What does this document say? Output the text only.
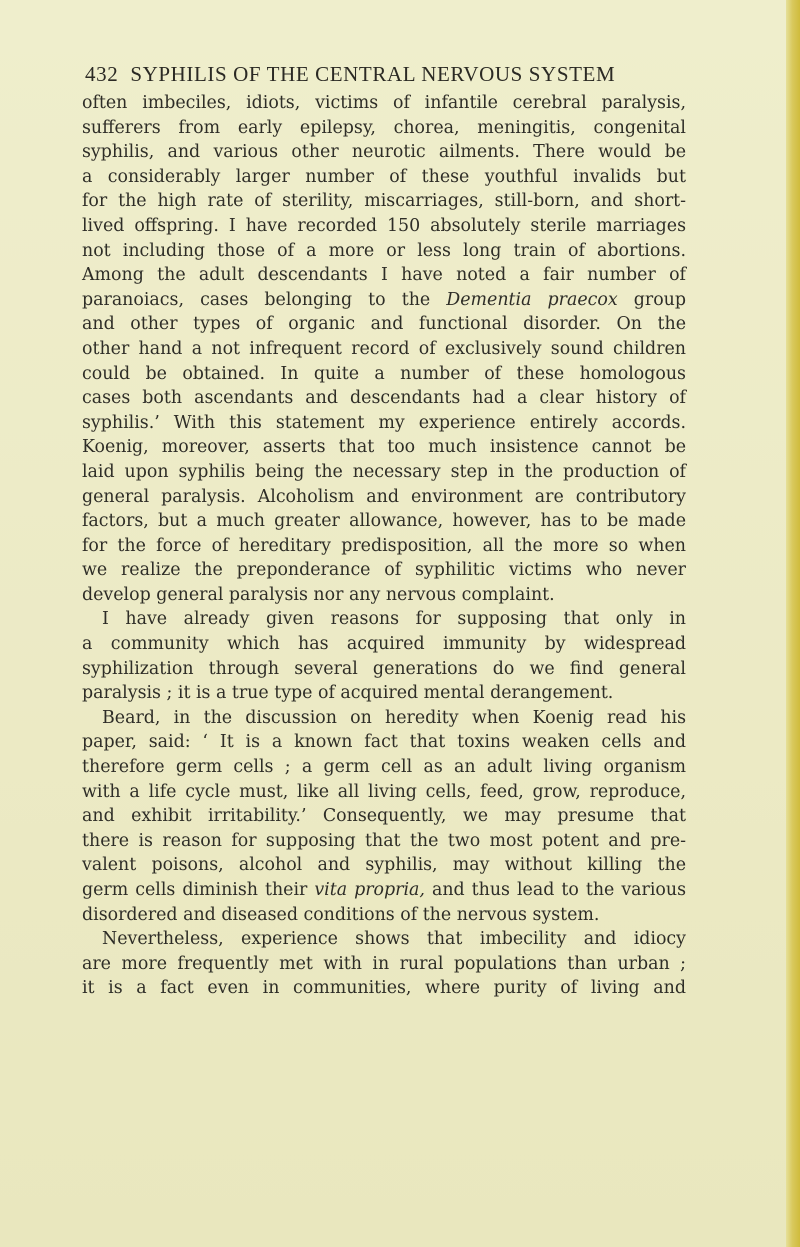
432 SYPHILIS OF THE CENTRAL NERVOUS SYSTEM

often imbeciles, idiots, victims of infantile cerebral paralysis,

sufferers from early epilepsy, chorea, meningitis, congenital

syphilis, and various other neurotic ailments. There would be

a considerably larger number of these youthful invalids but

for the high rate of sterility, miscarriages, still-born, and short-

lived offspring. I have recorded 150 absolutely sterile marriages

not including those of a more or less long train of abortions.

Among the adult descendants I have noted a fair number of

paranoiacs, cases belonging to the Dementia praecox group

and other types of organic and functional disorder. On the

other hand a not infrequent record of exclusively sound children

could be obtained. In quite a number of these homologous

cases both ascendants and descendants had a clear history of

syphilis.’ With this statement my experience entirely accords.

Koenig, moreover, asserts that too much insistence cannot be

laid upon syphilis being the necessary step in the production of

general paralysis. Alcoholism and environment are contributory

factors, but a much greater allowance, however, has to be made

for the force of hereditary predisposition, all the more so when

we realize the preponderance of syphilitic victims who never

develop general paralysis nor any nervous complaint.

I have already given reasons for supposing that only in

a community which has acquired immunity by widespread

syphilization through several generations do we find general

paralysis ; it is a true type of acquired mental derangement.

Beard, in the discussion on heredity when Koenig read his

paper, said: ‘ It is a known fact that toxins weaken cells and

therefore germ cells ; a germ cell as an adult living organism

with a life cycle must, like all living cells, feed, grow, reproduce,

and exhibit irritability.’ Consequently, we may presume that

there is reason for supposing that the two most potent and pre-

valent poisons, alcohol and syphilis, may without killing the

germ cells diminish their vita propria, and thus lead to the various

disordered and diseased conditions of the nervous system.

Nevertheless, experience shows that imbecility and idiocy

are more frequently met with in rural populations than urban ;

it is a fact even in communities, where purity of living and
